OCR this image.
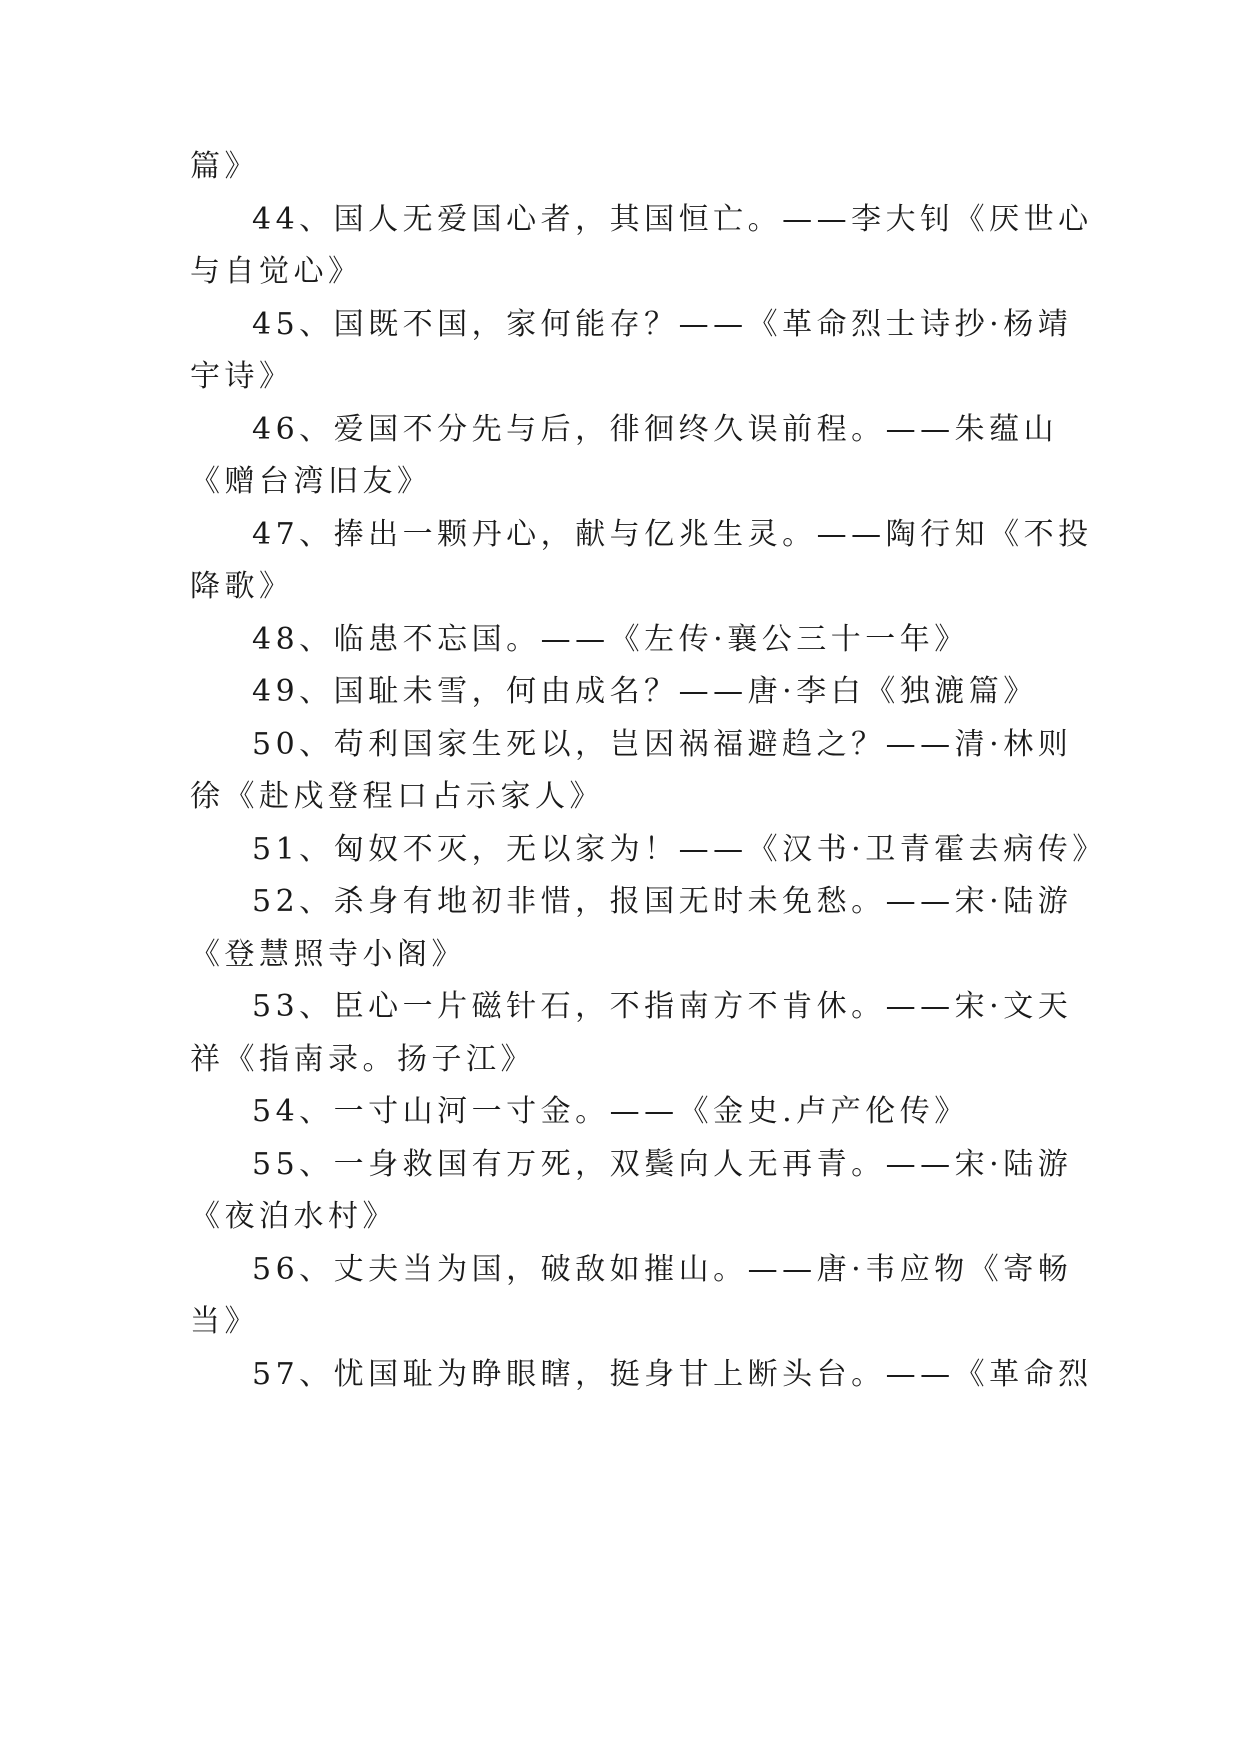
篇》
44、国人无爱国心者，其国恒亡。——李大钊《厌世心
与自觉心》
45、国既不国，家何能存？——《革命烈士诗抄·杨靖
宇诗》
46、爱国不分先与后，徘徊终久误前程。——朱蕴山
《赠台湾旧友》
47、捧出一颗丹心，献与亿兆生灵。——陶行知《不投
降歌》
48、临患不忘国。——《左传·襄公三十一年》
49、国耻未雪，何由成名？——唐·李白《独漉篇》
50、苟利国家生死以，岂因祸福避趋之？——清·林则
徐《赴戍登程口占示家人》
51、匈奴不灭，无以家为！——《汉书·卫青霍去病传》
52、杀身有地初非惜，报国无时未免愁。——宋·陆游
《登慧照寺小阁》
53、臣心一片磁针石，不指南方不肯休。——宋·文天
祥《指南录。扬子江》
54、一寸山河一寸金。——《金史.卢产伦传》
55、一身救国有万死，双鬓向人无再青。——宋·陆游
《夜泊水村》
56、丈夫当为国，破敌如摧山。——唐·韦应物《寄畅
当》
57、忧国耻为睁眼瞎，挺身甘上断头台。——《革命烈
